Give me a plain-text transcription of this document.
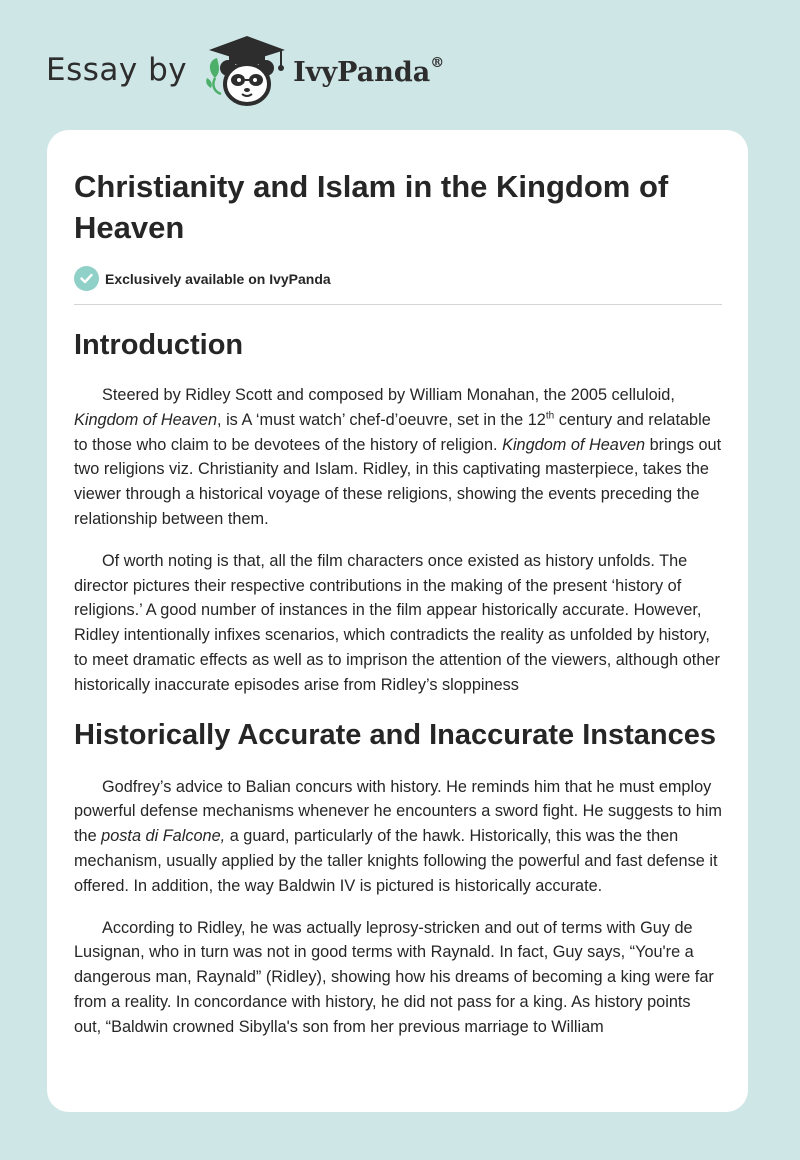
Essay by	IvyPanda®
Christianity and Islam in the Kingdom of Heaven
Exclusively available on IvyPanda
Introduction

Steered by Ridley Scott and composed by William Monahan, the 2005 celluloid, Kingdom of Heaven, is A ‘must watch’ chef-d’oeuvre, set in the 12th century and relatable to those who claim to be devotees of the history of religion. Kingdom of Heaven brings out two religions viz. Christianity and Islam. Ridley, in this captivating masterpiece, takes the viewer through a historical voyage of these religions, showing the events preceding the relationship between them.

Of worth noting is that, all the film characters once existed as history unfolds. The director pictures their respective contributions in the making of the present ‘history of religions.’ A good number of instances in the film appear historically accurate. However, Ridley intentionally infixes scenarios, which contradicts the reality as unfolded by history, to meet dramatic effects as well as to imprison the attention of the viewers, although other historically inaccurate episodes arise from Ridley’s sloppiness

Historically Accurate and Inaccurate Instances

Godfrey’s advice to Balian concurs with history. He reminds him that he must employ powerful defense mechanisms whenever he encounters a sword fight. He suggests to him the posta di Falcone, a guard, particularly of the hawk. Historically, this was the then mechanism, usually applied by the taller knights following the powerful and fast defense it offered. In addition, the way Baldwin IV is pictured is historically accurate.

According to Ridley, he was actually leprosy-stricken and out of terms with Guy de Lusignan, who in turn was not in good terms with Raynald. In fact, Guy says, “You're a dangerous man, Raynald” (Ridley), showing how his dreams of becoming a king were far from a reality. In concordance with history, he did not pass for a king. As history points out, “Baldwin crowned Sibylla's son from her previous marriage to William
